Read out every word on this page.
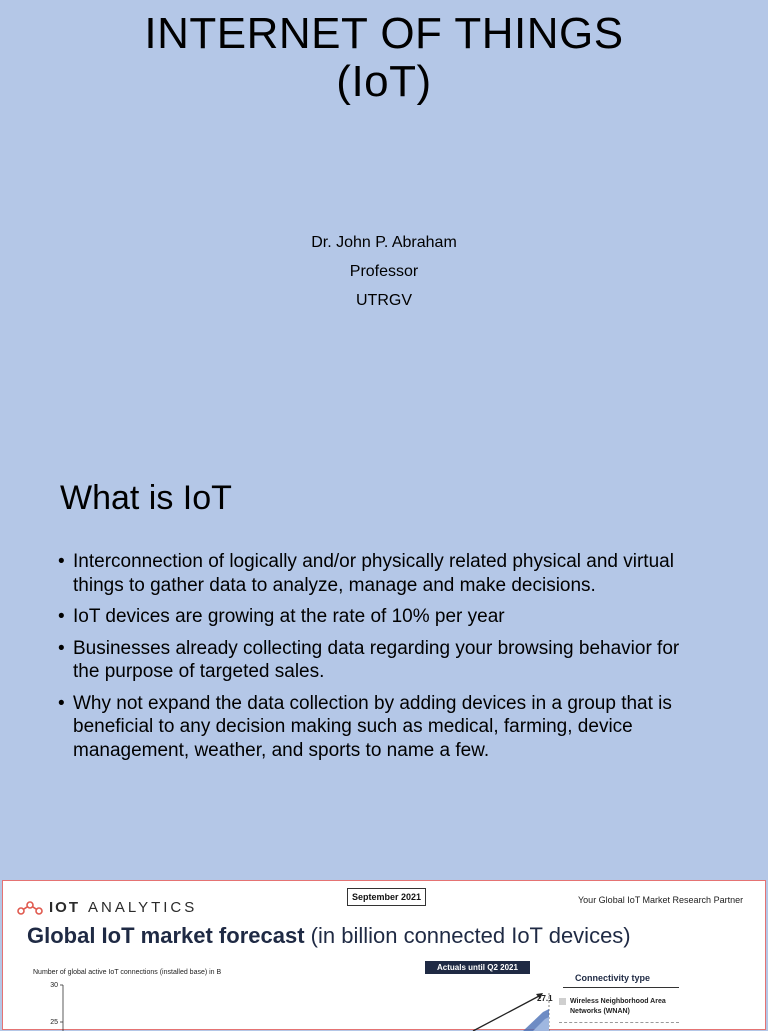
INTERNET OF THINGS
(IoT)
Dr. John P. Abraham
Professor
UTRGV
What is IoT
• Interconnection of logically and/or physically related physical and virtual things to gather data to analyze, manage and make decisions.
• IoT devices are growing at the rate of 10% per year
• Businesses already collecting data regarding your browsing behavior for the purpose of targeted sales.
• Why not expand the data collection by adding devices in a group that is beneficial to any decision making such as medical, farming, device management, weather, and sports to name a few.
IOT ANALYTICS
September 2021	Your Global IoT Market Research Partner
Global IoT market forecast (in billion connected IoT devices)
Number of global active IoT connections (installed base) in B
Actuals until Q2 2021
Connectivity type
Wireless Neighborhood Area Networks (WNAN)
30
25
27.1
